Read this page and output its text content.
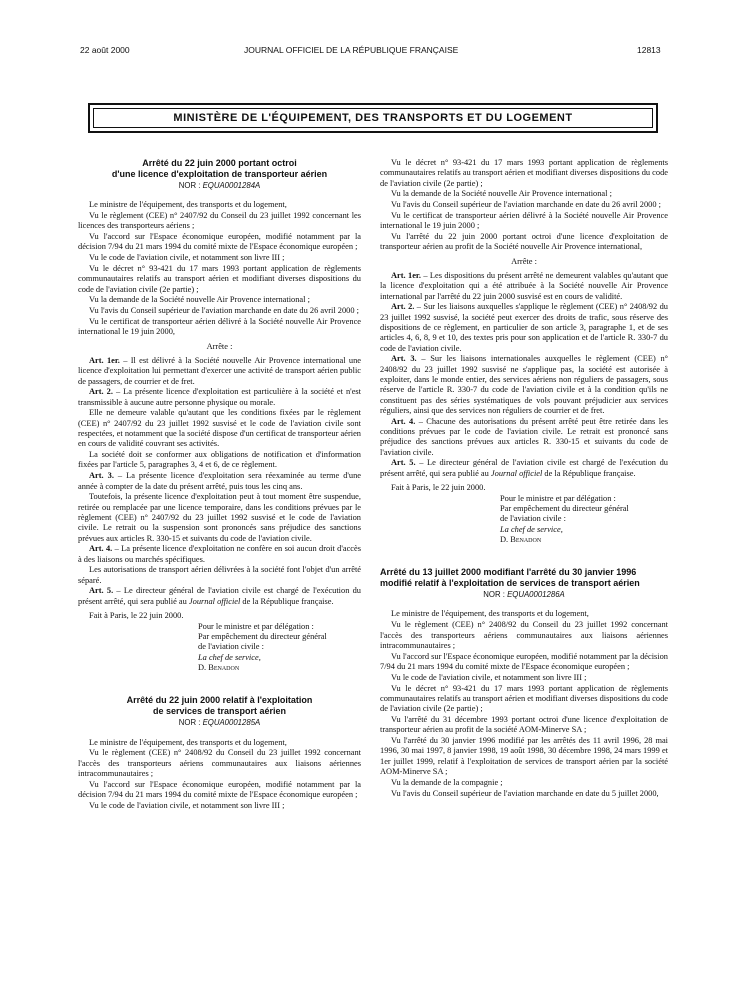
22 août 2000	JOURNAL OFFICIEL DE LA RÉPUBLIQUE FRANÇAISE	12813
MINISTÈRE DE L'ÉQUIPEMENT, DES TRANSPORTS ET DU LOGEMENT
Arrêté du 22 juin 2000 portant octroi
d'une licence d'exploitation de transporteur aérien
NOR : EQUA0001284A

Le ministre de l'équipement, des transports et du logement,

Vu le règlement (CEE) n° 2407/92 du Conseil du 23 juillet 1992 concernant les licences des transporteurs aériens ;

Vu l'accord sur l'Espace économique européen, modifié notamment par la décision 7/94 du 21 mars 1994 du comité mixte de l'Espace économique européen ;

Vu le code de l'aviation civile, et notamment son livre III ;

Vu le décret n° 93-421 du 17 mars 1993 portant application de règlements communautaires relatifs au transport aérien et modifiant diverses dispositions du code de l'aviation civile (2e partie) ;

Vu la demande de la Société nouvelle Air Provence international ;

Vu l'avis du Conseil supérieur de l'aviation marchande en date du 26 avril 2000 ;

Vu le certificat de transporteur aérien délivré à la Société nouvelle Air Provence international le 19 juin 2000,

Arrête :

Art. 1er. – Il est délivré à la Société nouvelle Air Provence international une licence d'exploitation lui permettant d'exercer une activité de transport aérien public de passagers, de courrier et de fret.

Art. 2. – La présente licence d'exploitation est particulière à la société et n'est transmissible à aucune autre personne physique ou morale.

Elle ne demeure valable qu'autant que les conditions fixées par le règlement (CEE) n° 2407/92 du 23 juillet 1992 susvisé et le code de l'aviation civile sont respectées, et notamment que la société dispose d'un certificat de transporteur aérien en cours de validité couvrant ses activités.

La société doit se conformer aux obligations de notification et d'information fixées par l'article 5, paragraphes 3, 4 et 6, de ce règlement.

Art. 3. – La présente licence d'exploitation sera réexaminée au terme d'une année à compter de la date du présent arrêté, puis tous les cinq ans.

Toutefois, la présente licence d'exploitation peut à tout moment être suspendue, retirée ou remplacée par une licence temporaire, dans les conditions prévues par le règlement (CEE) n° 2407/92 du 23 juillet 1992 susvisé et le code de l'aviation civile. Le retrait ou la suspension sont prononcés sans préjudice des sanctions prévues aux articles R. 330-15 et suivants du code de l'aviation civile.

Art. 4. – La présente licence d'exploitation ne confère en soi aucun droit d'accès à des liaisons ou marchés spécifiques.

Les autorisations de transport aérien délivrées à la société font l'objet d'un arrêté séparé.

Art. 5. – Le directeur général de l'aviation civile est chargé de l'exécution du présent arrêté, qui sera publié au Journal officiel de la République française.

Fait à Paris, le 22 juin 2000.

Pour le ministre et par délégation :

Par empêchement du directeur général

de l'aviation civile :

La chef de service,

D. Benadon

Arrêté du 22 juin 2000 relatif à l'exploitation
de services de transport aérien
NOR : EQUA0001285A

Le ministre de l'équipement, des transports et du logement,

Vu le règlement (CEE) n° 2408/92 du Conseil du 23 juillet 1992 concernant l'accès des transporteurs aériens communautaires aux liaisons aériennes intracommunautaires ;

Vu l'accord sur l'Espace économique européen, modifié notamment par la décision 7/94 du 21 mars 1994 du comité mixte de l'Espace économique européen ;

Vu le code de l'aviation civile, et notamment son livre III ;

Vu le décret n° 93-421 du 17 mars 1993 portant application de règlements communautaires relatifs au transport aérien et modifiant diverses dispositions du code de l'aviation civile (2e partie) ;

Vu la demande de la Société nouvelle Air Provence international ;

Vu l'avis du Conseil supérieur de l'aviation marchande en date du 26 avril 2000 ;

Vu le certificat de transporteur aérien délivré à la Société nouvelle Air Provence international le 19 juin 2000 ;

Vu l'arrêté du 22 juin 2000 portant octroi d'une licence d'exploitation de transporteur aérien au profit de la Société nouvelle Air Provence international,

Arrête :

Art. 1er. – Les dispositions du présent arrêté ne demeurent valables qu'autant que la licence d'exploitation qui a été attribuée à la Société nouvelle Air Provence international par l'arrêté du 22 juin 2000 susvisé est en cours de validité.

Art. 2. – Sur les liaisons auxquelles s'applique le règlement (CEE) n° 2408/92 du 23 juillet 1992 susvisé, la société peut exercer des droits de trafic, sous réserve des dispositions de ce règlement, en particulier de son article 3, paragraphe 1, et de ses articles 4, 6, 8, 9 et 10, des textes pris pour son application et de l'article R. 330-7 du code de l'aviation civile.

Art. 3. – Sur les liaisons internationales auxquelles le règlement (CEE) n° 2408/92 du 23 juillet 1992 susvisé ne s'applique pas, la société est autorisée à exploiter, dans le monde entier, des services aériens non réguliers de passagers, sous réserve de l'article R. 330-7 du code de l'aviation civile et à la condition qu'ils ne constituent pas des séries systématiques de vols pouvant préjudicier aux services réguliers, ainsi que des services non réguliers de courrier et de fret.

Art. 4. – Chacune des autorisations du présent arrêté peut être retirée dans les conditions prévues par le code de l'aviation civile. Le retrait est prononcé sans préjudice des sanctions prévues aux articles R. 330-15 et suivants du code de l'aviation civile.

Art. 5. – Le directeur général de l'aviation civile est chargé de l'exécution du présent arrêté, qui sera publié au Journal officiel de la République française.

Fait à Paris, le 22 juin 2000.

Pour le ministre et par délégation :

Par empêchement du directeur général

de l'aviation civile :

La chef de service,

D. Benadon

Arrêté du 13 juillet 2000 modifiant l'arrêté du 30 janvier 1996 modifié relatif à l'exploitation de services de transport aérien
NOR : EQUA0001286A

Le ministre de l'équipement, des transports et du logement,

Vu le règlement (CEE) n° 2408/92 du Conseil du 23 juillet 1992 concernant l'accès des transporteurs aériens communautaires aux liaisons aériennes intracommunautaires ;

Vu l'accord sur l'Espace économique européen, modifié notamment par la décision 7/94 du 21 mars 1994 du comité mixte de l'Espace économique européen ;

Vu le code de l'aviation civile, et notamment son livre III ;

Vu le décret n° 93-421 du 17 mars 1993 portant application de règlements communautaires relatifs au transport aérien et modifiant diverses dispositions du code de l'aviation civile (2e partie) ;

Vu l'arrêté du 31 décembre 1993 portant octroi d'une licence d'exploitation de transporteur aérien au profit de la société AOM-Minerve SA ;

Vu l'arrêté du 30 janvier 1996 modifié par les arrêtés des 11 avril 1996, 28 mai 1996, 30 mai 1997, 8 janvier 1998, 19 août 1998, 30 décembre 1998, 24 mars 1999 et 1er juillet 1999, relatif à l'exploitation de services de transport aérien par la société AOM-Minerve SA ;

Vu la demande de la compagnie ;

Vu l'avis du Conseil supérieur de l'aviation marchande en date du 5 juillet 2000,
